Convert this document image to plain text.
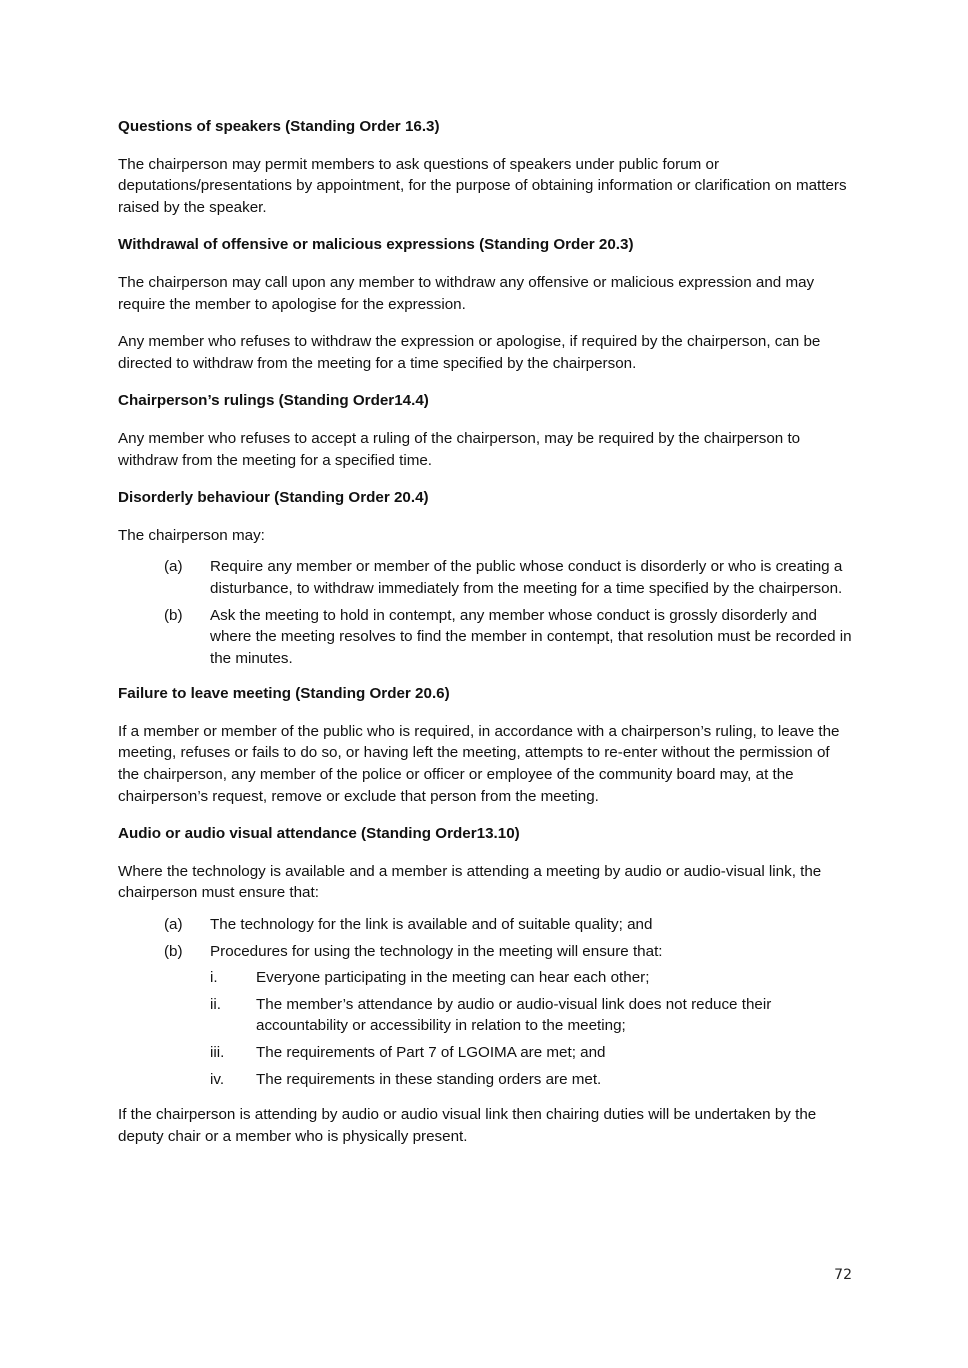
Questions of speakers (Standing Order 16.3)

The chairperson may permit members to ask questions of speakers under public forum or deputations/presentations by appointment, for the purpose of obtaining information or clarification on matters raised by the speaker.

Withdrawal of offensive or malicious expressions (Standing Order 20.3)

The chairperson may call upon any member to withdraw any offensive or malicious expression and may require the member to apologise for the expression.

Any member who refuses to withdraw the expression or apologise, if required by the chairperson, can be directed to withdraw from the meeting for a time specified by the chairperson.

Chairperson’s rulings (Standing Order14.4)

Any member who refuses to accept a ruling of the chairperson, may be required by the chairperson to withdraw from the meeting for a specified time.

Disorderly behaviour (Standing Order 20.4)

The chairperson may:

(a) Require any member or member of the public whose conduct is disorderly or who is creating a disturbance, to withdraw immediately from the meeting for a time specified by the chairperson.
(b) Ask the meeting to hold in contempt, any member whose conduct is grossly disorderly and where the meeting resolves to find the member in contempt, that resolution must be recorded in the minutes.
Failure to leave meeting (Standing Order 20.6)

If a member or member of the public who is required, in accordance with a chairperson’s ruling, to leave the meeting, refuses or fails to do so, or having left the meeting, attempts to re-enter without the permission of the chairperson, any member of the police or officer or employee of the community board may, at the chairperson’s request, remove or exclude that person from the meeting.

Audio or audio visual attendance (Standing Order13.10)

Where the technology is available and a member is attending a meeting by audio or audio-visual link, the chairperson must ensure that:

(a) The technology for the link is available and of suitable quality; and
(b) Procedures for using the technology in the meeting will ensure that:
i.	Everyone participating in the meeting can hear each other;
ii. The member’s attendance by audio or audio-visual link does not reduce their accountability or accessibility in relation to the meeting;
iii. The requirements of Part 7 of LGOIMA are met; and
iv. The requirements in these standing orders are met.

If the chairperson is attending by audio or audio visual link then chairing duties will be undertaken by the deputy chair or a member who is physically present.

72
